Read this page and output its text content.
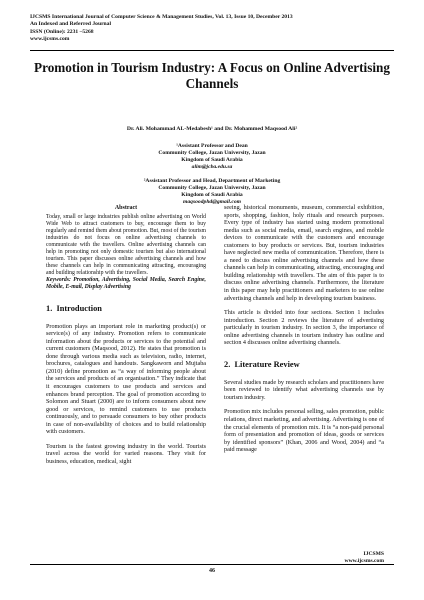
IJCSMS International Journal of Computer Science & Management Studies, Vol. 13, Issue 10, December 2013
An Indexed and Referred Journal
ISSN (Online): 2231 –5268
www.ijcsms.com
Promotion in Tourism Industry: A Focus on Online Advertising Channels
Dr. Ali. Mohammad AL-Medabesh¹ and Dr. Mohammed Maqsood Ali²
¹Assistant Professor and Dean
Community College, Jazan University, Jazan
Kingdom of Saudi Arabia
alim@jcba.edu.sa
²Assistant Professor and Head, Department of Marketing
Community College, Jazan University, Jazan
Kingdom of Saudi Arabia
maqsoodphd@gmail.com
Abstract

Today, small or large industries publish online advertising on World Wide Web to attract customers to buy, encourage them to buy regularly and remind them about promotion. But, most of the tourism industries do not focus on online advertising channels to communicate with the travellers. Online advertising channels can help in promoting not only domestic tourism but also international tourism. This paper discusses online advertising channels and how these channels can help in communicating attracting, encouraging and building relationship with the travellers.

Keywords: Promotion, Advertising, Social Media, Search Engine, Mobile, E-mail, Display Advertising

1.  Introduction

Promotion plays an important role in marketing product(s) or service(s) of any industry. Promotion refers to communicate information about the products or services to the potential and current customers (Maqsood, 2012). He states that promotion is done through various media such as television, radio, internet, brochures, catalogues and handouts. Sangkaworn and Mujtaba (2010) define promotion as “a way of informing people about the services and products of an organisation.” They indicate that it encourages customers to use products and services and enhances brand perception. The goal of promotion according to Solomon and Stuart (2000) are to inform consumers about new good or services, to remind customers to use products continuously, and to persuade consumers to buy other products in case of non-availability of choices and to build relationship with customers.

Tourism is the fastest growing industry in the world. Tourists travel across the world for varied reasons. They visit for business, education, medical, sight

seeing, historical monuments, museum, commercial exhibition, sports, shopping, fashion, holy rituals and research purposes. Every type of industry has started using modern promotional media such as social media, email, search engines, and mobile devices to communicate with the customers and encourage customers to buy products or services. But, tourism industries have neglected new media of communication. Therefore, there is a need to discuss online advertising channels and how these channels can help in communicating, attracting, encouraging and building relationship with travellers. The aim of this paper is to discuss online advertising channels. Furthermore, the literature in this paper may help practitioners and marketers to use online advertising channels and help in developing tourism business.

This article is divided into four sections. Section 1 includes introduction. Section 2 reviews the literature of advertising particularly in tourism industry. In section 3, the importance of online advertising channels in tourism industry has outline and section 4 discusses online advertising channels.

2.  Literature Review

Several studies made by research scholars and practitioners have been reviewed to identify what advertising channels use by tourism industry.

Promotion mix includes personal selling, sales promotion, public relations, direct marketing, and advertising. Advertising is one of the crucial elements of promotion mix. It is “a non-paid personal form of presentation and promotion of ideas, goods or services by identified sponsors” (Khan, 2006 and Wood, 2004) and “a paid message

IJCSMS
www.ijcsms.com
46
